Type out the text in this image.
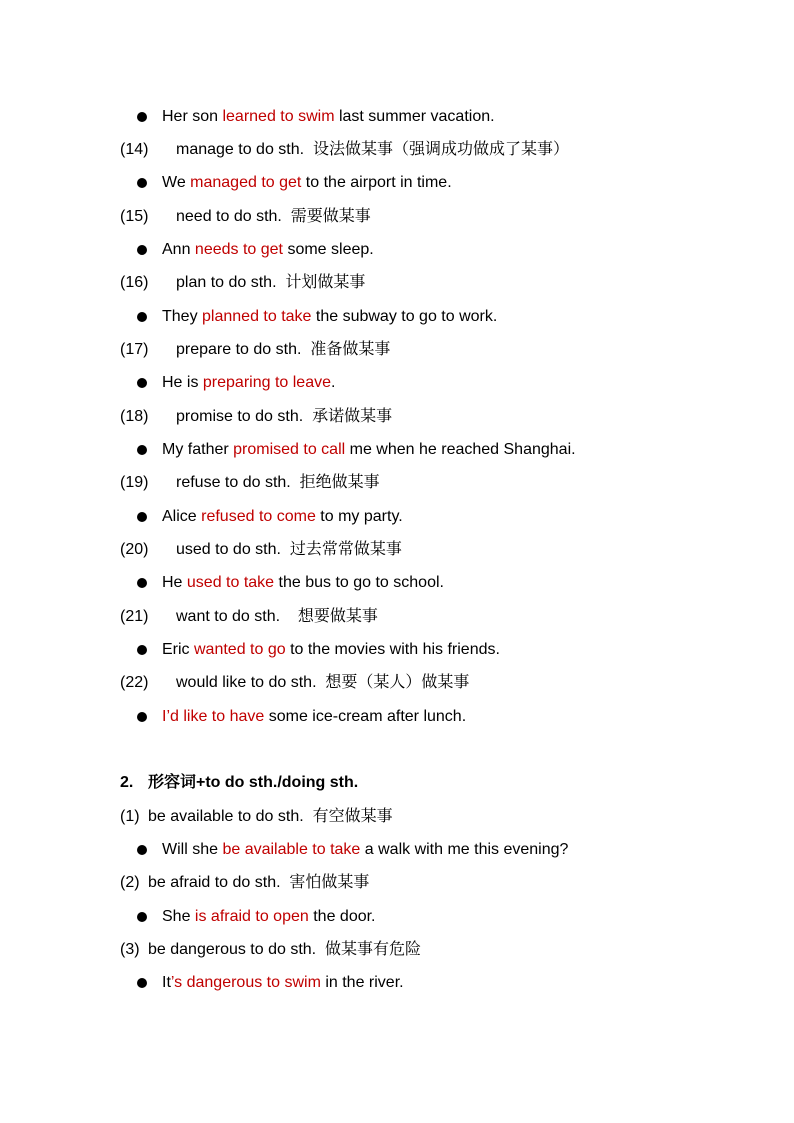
Her son learned to swim last summer vacation.
(14) manage to do sth. 设法做某事（强调成功做成了某事）
We managed to get to the airport in time.
(15) need to do sth. 需要做某事
Ann needs to get some sleep.
(16) plan to do sth. 计划做某事
They planned to take the subway to go to work.
(17) prepare to do sth. 准备做某事
He is preparing to leave.
(18) promise to do sth. 承诺做某事
My father promised to call me when he reached Shanghai.
(19) refuse to do sth. 拒绝做某事
Alice refused to come to my party.
(20) used to do sth. 过去常常做某事
He used to take the bus to go to school.
(21) want to do sth. 想要做某事
Eric wanted to go to the movies with his friends.
(22) would like to do sth. 想要（某人）做某事
I’d like to have some ice-cream after lunch.
2. 形容词+to do sth./doing sth.
(1) be available to do sth. 有空做某事
Will she be available to take a walk with me this evening?
(2) be afraid to do sth. 害怕做某事
She is afraid to open the door.
(3) be dangerous to do sth. 做某事有危险
It’s dangerous to swim in the river.
